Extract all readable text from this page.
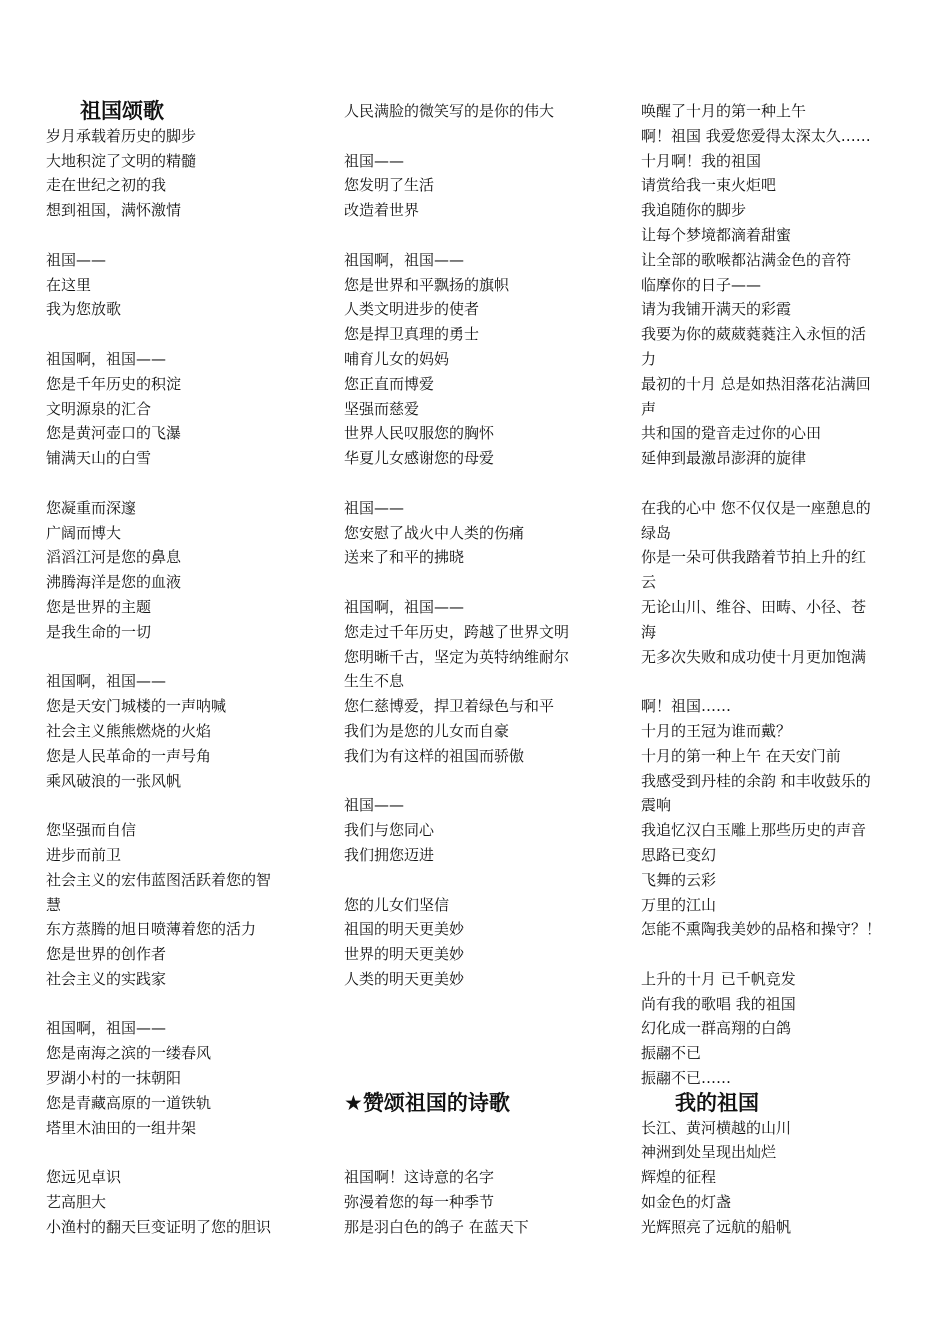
祖国颂歌
岁月承载着历史的脚步
大地积淀了文明的精髓
走在世纪之初的我
想到祖国，满怀激情
祖国——
在这里
我为您放歌
祖国啊，祖国——
您是千年历史的积淀
文明源泉的汇合
您是黄河壶口的飞瀑
铺满天山的白雪
您凝重而深邃
广阔而博大
滔滔江河是您的鼻息
沸腾海洋是您的血液
您是世界的主题
是我生命的一切
祖国啊，祖国——
您是天安门城楼的一声呐喊
社会主义熊熊燃烧的火焰
您是人民革命的一声号角
乘风破浪的一张风帆
您坚强而自信
进步而前卫
社会主义的宏伟蓝图活跃着您的智
慧
东方蒸腾的旭日喷薄着您的活力
您是世界的创作者
社会主义的实践家
祖国啊，祖国——
您是南海之滨的一缕春风
罗湖小村的一抹朝阳
您是青藏高原的一道铁轨
塔里木油田的一组井架
您远见卓识
艺高胆大
小渔村的翻天巨变证明了您的胆识
人民满脸的微笑写的是你的伟大
祖国——
您发明了生活
改造着世界
祖国啊，祖国——
您是世界和平飘扬的旗帜
人类文明进步的使者
您是捍卫真理的勇士
哺育儿女的妈妈
您正直而博爱
坚强而慈爱
世界人民叹服您的胸怀
华夏儿女感谢您的母爱
祖国——
您安慰了战火中人类的伤痛
送来了和平的拂晓
祖国啊，祖国——
您走过千年历史，跨越了世界文明
您明晰千古，坚定为英特纳维耐尔
生生不息
您仁慈博爱，捍卫着绿色与和平
我们为是您的儿女而自豪
我们为有这样的祖国而骄傲
祖国——
我们与您同心
我们拥您迈进
您的儿女们坚信
祖国的明天更美妙
世界的明天更美妙
人类的明天更美妙
★赞颂祖国的诗歌
祖国啊！这诗意的名字
弥漫着您的每一种季节
那是羽白色的鸽子 在蓝天下
唤醒了十月的第一种上午
啊！祖国 我爱您爱得太深太久……
十月啊！我的祖国
请赏给我一束火炬吧
我追随你的脚步
让每个梦境都滴着甜蜜
让全部的歌喉都沾满金色的音符
临摩你的日子——
请为我铺开满天的彩霞
我要为你的葳葳蕤蕤注入永恒的活
力
最初的十月 总是如热泪落花沾满回
声
共和国的跫音走过你的心田
延伸到最激昂澎湃的旋律
在我的心中 您不仅仅是一座憩息的
绿岛
你是一朵可供我踏着节拍上升的红
云
无论山川、维谷、田畴、小径、苍
海
无多次失败和成功使十月更加饱满
啊！祖国……
十月的王冠为谁而戴？
十月的第一种上午 在天安门前
我感受到丹桂的余韵 和丰收鼓乐的
震响
我追忆汉白玉雕上那些历史的声音
思路已变幻
飞舞的云彩
万里的江山
怎能不熏陶我美妙的品格和操守？！
上升的十月 已千帆竞发
尚有我的歌唱 我的祖国
幻化成一群高翔的白鸽
振翮不已
振翮不已……
我的祖国
长江、黄河横越的山川
神洲到处呈现出灿烂
辉煌的征程
如金色的灯盏
光辉照亮了远航的船帆
